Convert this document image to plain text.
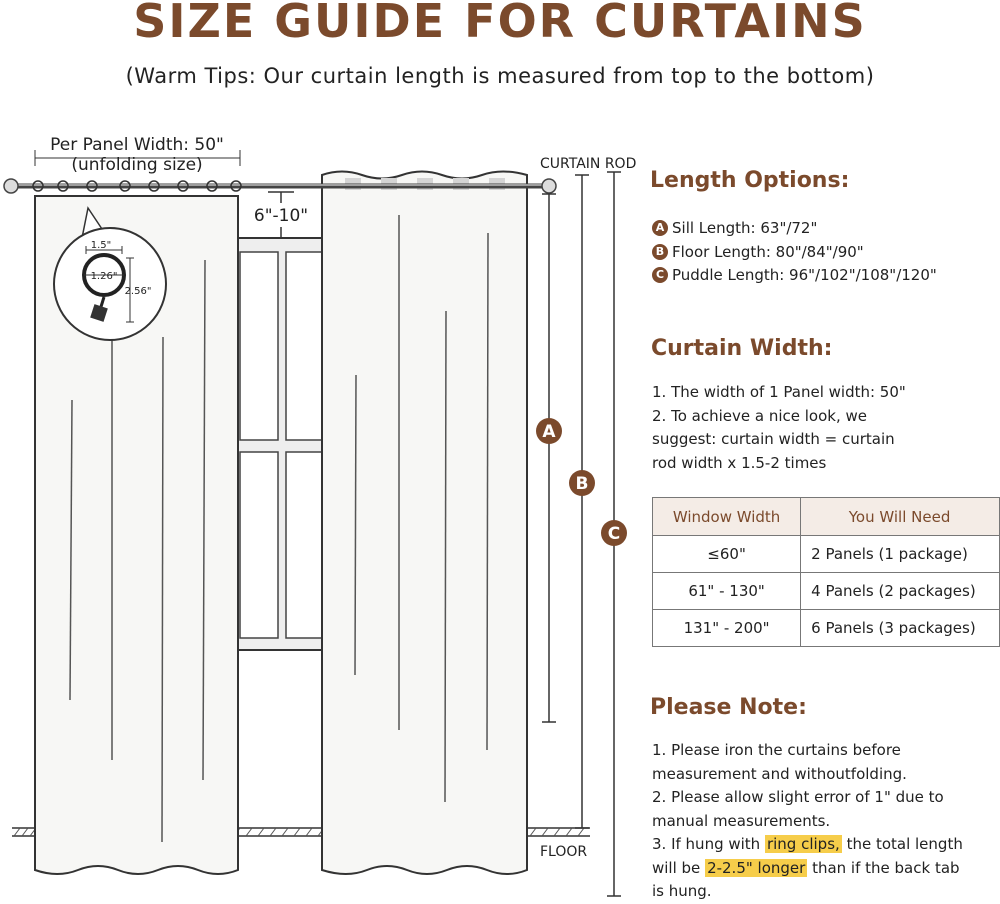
SIZE GUIDE FOR CURTAINS
(Warm Tips: Our curtain length is measured from top to the bottom)
Per Panel Width: 50"
(unfolding size)
6"-10"
1.5"
1.26"
2.56"
A
B
C
CURTAIN ROD
FLOOR
Length Options:
A Sill Length: 63"/72"
B Floor Length: 80"/84"/90"
C Puddle Length: 96"/102"/108"/120"
Curtain Width:
1. The width of 1 Panel width: 50"
2. To achieve a nice look, we
suggest: curtain width = curtain
rod width x 1.5-2 times
Window Width	You Will Need
≤60"	2 Panels (1 package)
61" - 130"	4 Panels (2 packages)
131" - 200"	6 Panels (3 packages)
Please Note:
1. Please iron the curtains before
measurement and withoutfolding.
2. Please allow slight error of 1" due to
manual measurements.
3. If hung with ring clips, the total length
will be 2-2.5" longer than if the back tab
is hung.
